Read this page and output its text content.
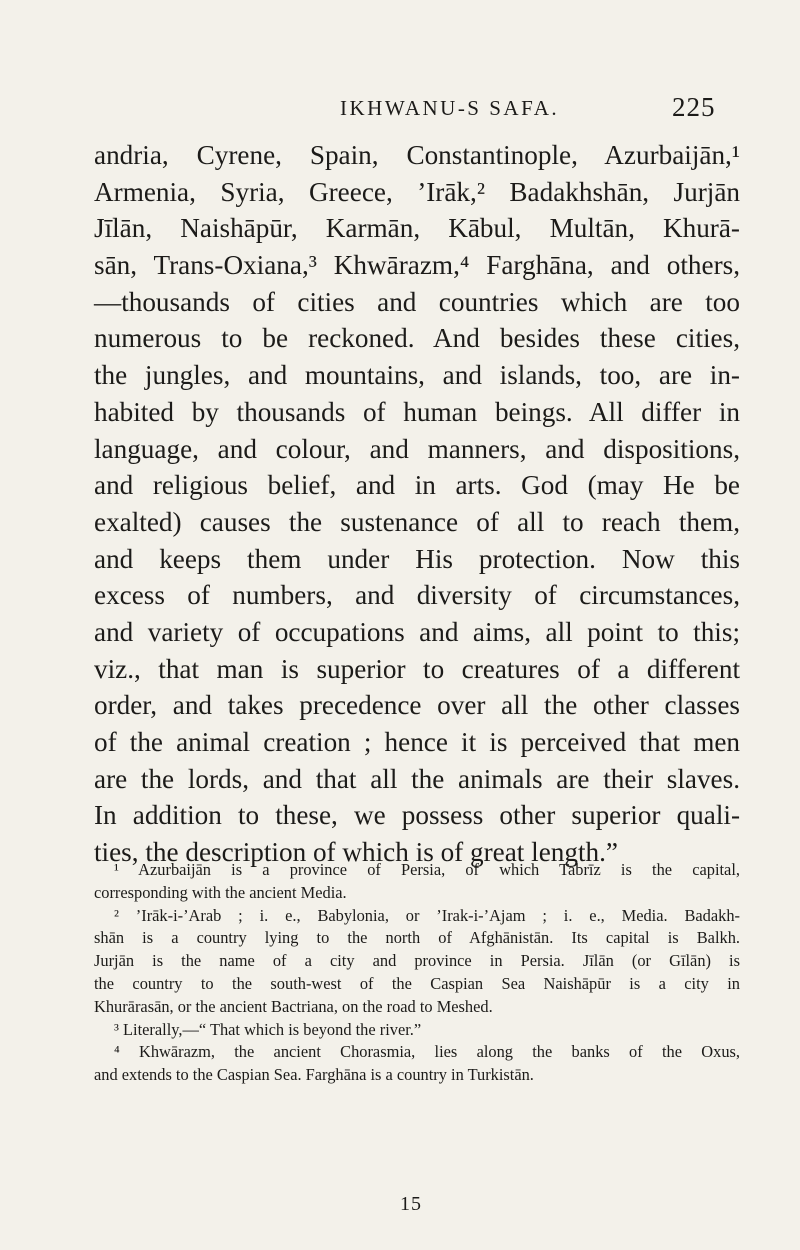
IKHWANU-S SAFA.	225
andria, Cyrene, Spain, Constantinople, Azurbaijān,¹
Armenia, Syria, Greece, ’Irāk,² Badakhshān, Jurjān
Jīlān, Naishāpūr, Karmān, Kābul, Multān, Khurā-
sān, Trans-Oxiana,³ Khwārazm,⁴ Farghāna, and others,
—thousands of cities and countries which are too
numerous to be reckoned. And besides these cities,
the jungles, and mountains, and islands, too, are in-
habited by thousands of human beings. All differ in
language, and colour, and manners, and dispositions,
and religious belief, and in arts. God (may He be
exalted) causes the sustenance of all to reach them,
and keeps them under His protection. Now this
excess of numbers, and diversity of circumstances,
and variety of occupations and aims, all point to this;
viz., that man is superior to creatures of a different
order, and takes precedence over all the other classes
of the animal creation ; hence it is perceived that men
are the lords, and that all the animals are their slaves.
In addition to these, we possess other superior quali-
ties, the description of which is of great length.”
¹ Azurbaijān is a province of Persia, of which Tabrīz is the capital,
corresponding with the ancient Media.
² ’Irāk-i-’Arab ; i. e., Babylonia, or ’Irak-i-’Ajam ; i. e., Media. Badakh-
shān is a country lying to the north of Afghānistān. Its capital is Balkh.
Jurjān is the name of a city and province in Persia. Jīlān (or Gīlān) is
the country to the south-west of the Caspian Sea Naishāpūr is a city in
Khurārasān, or the ancient Bactriana, on the road to Meshed.
³ Literally,—“ That which is beyond the river.”
⁴ Khwārazm, the ancient Chorasmia, lies along the banks of the Oxus,
and extends to the Caspian Sea. Farghāna is a country in Turkistān.
15
